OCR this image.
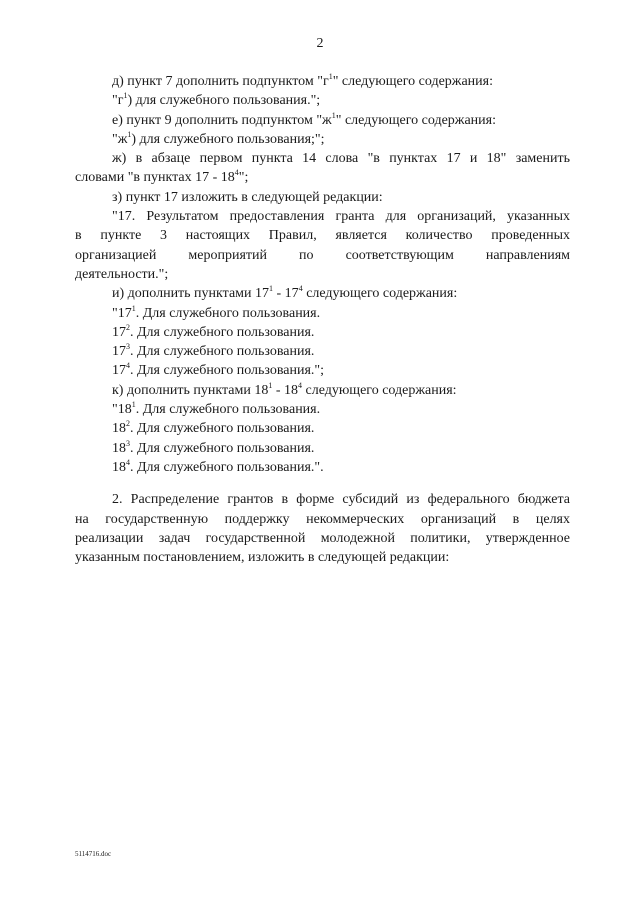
2
д) пункт 7 дополнить подпунктом "$г^1$" следующего содержания:
"$г^1$) для служебного пользования.";
е) пункт 9 дополнить подпунктом "$ж^1$" следующего содержания:
"$ж^1$) для служебного пользования;";
ж) в абзаце первом пункта 14 слова "в пунктах 17 и 18" заменить
словами "в пунктах $17 - 18^4$";
з) пункт 17 изложить в следующей редакции:
"17. Результатом предоставления гранта для организаций, указанных
в пункте 3 настоящих Правил, является количество проведенных
организацией мероприятий по соответствующим направлениям
деятельности.";
и) дополнить пунктами $17^1 - 17^4$ следующего содержания:
"$17^1$. Для служебного пользования.
$17^2$. Для служебного пользования.
$17^3$. Для служебного пользования.
$17^4$. Для служебного пользования.";
к) дополнить пунктами $18^1 - 18^4$ следующего содержания:
"$18^1$. Для служебного пользования.
$18^2$. Для служебного пользования.
$18^3$. Для служебного пользования.
$18^4$. Для служебного пользования.".
2. Распределение грантов в форме субсидий из федерального бюджета
на государственную поддержку некоммерческих организаций в целях
реализации задач государственной молодежной политики, утвержденное
указанным постановлением, изложить в следующей редакции:
5114716.doc
